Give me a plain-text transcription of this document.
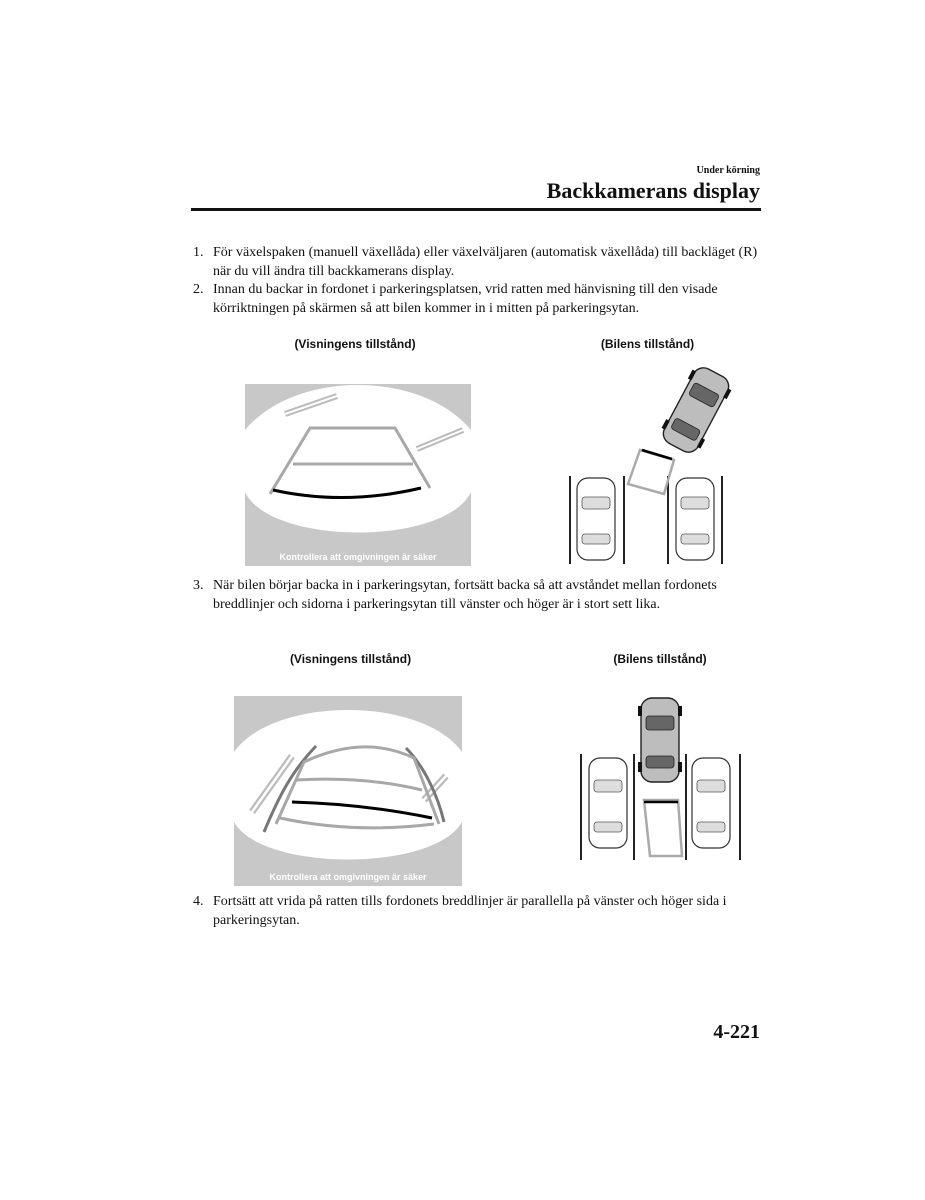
Under körning
Backkamerans display
1. För växelspaken (manuell växellåda) eller växelväljaren (automatisk växellåda) till backläget (R) när du vill ändra till backkamerans display.
2. Innan du backar in fordonet i parkeringsplatsen, vrid ratten med hänvisning till den visade körriktningen på skärmen så att bilen kommer in i mitten på parkeringsytan.
(Visningens tillstånd)	(Bilens tillstånd)
Kontrollera att omgivningen är säker
3. När bilen börjar backa in i parkeringsytan, fortsätt backa så att avståndet mellan fordonets breddlinjer och sidorna i parkeringsytan till vänster och höger är i stort sett lika.
(Visningens tillstånd)	(Bilens tillstånd)
Kontrollera att omgivningen är säker
4. Fortsätt att vrida på ratten tills fordonets breddlinjer är parallella på vänster och höger sida i parkeringsytan.
4-221
